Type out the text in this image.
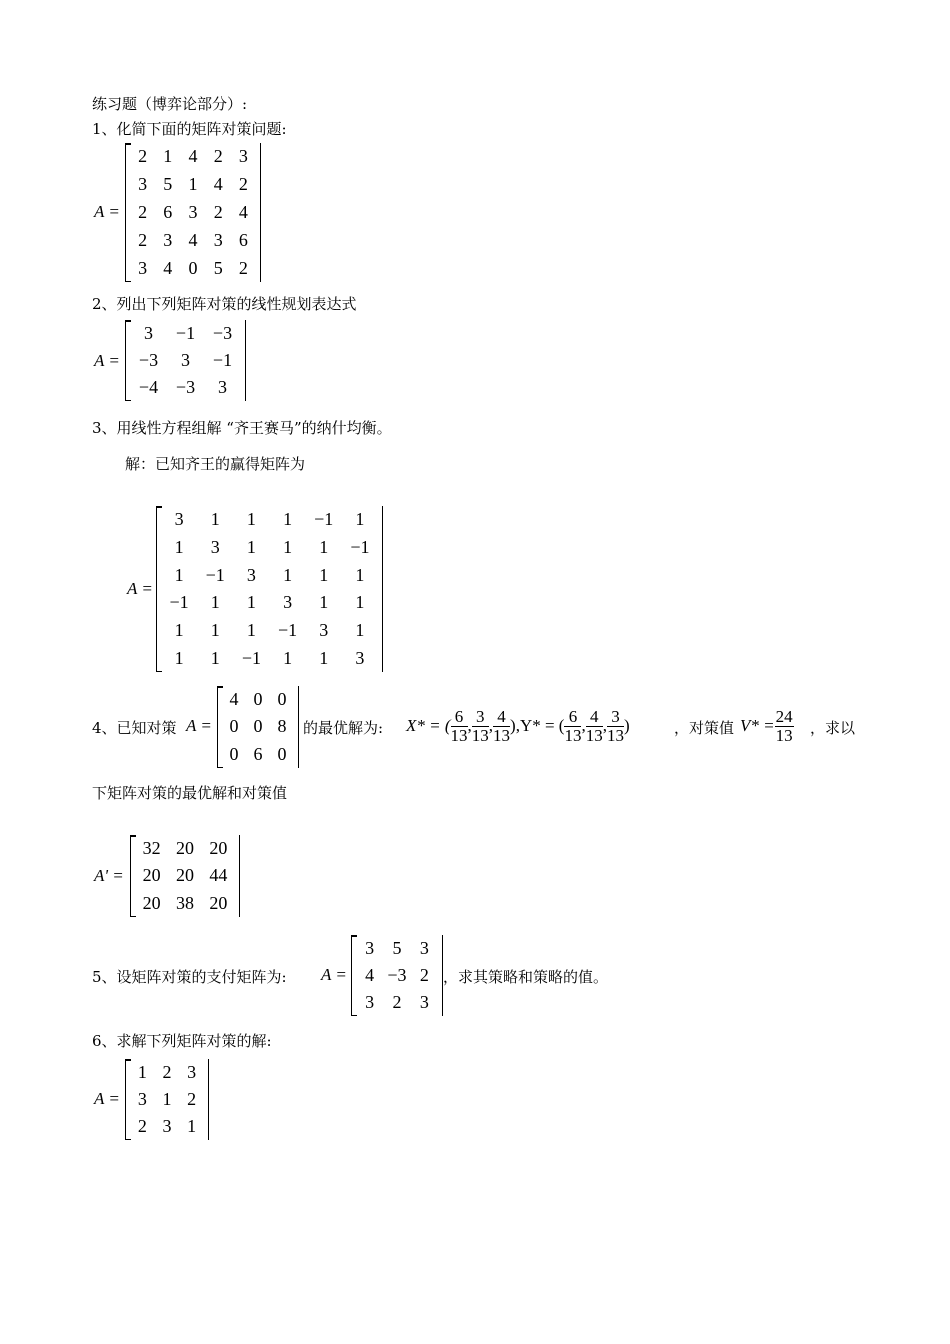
练习题（博弈论部分）:
1、化简下面的矩阵对策问题:
A =
2 1 4 2 3
3 5 1 4 2
2 6 3 2 4
2 3 4 3 6
3 4 0 5 2
2、列出下列矩阵对策的线性规划表达式
A =
3	−1 −3
−3	3	−1
−4 −3	3
3、用线性方程组解 “齐王赛马”的纳什均衡。
解：已知齐王的赢得矩阵为
A =
3	1	1	1	−1	1
1	3	1	1	1	−1
1	−1	3	1	1	1
−1	1	1	3	1	1
1	1	1	−1	3	1
1	1	−1	1	1	3
4、已知对策 A =
4 0 0
0 0 8
0 6 0
的最优解为: X* = ( $\frac{6}{13}$ , $\frac{3}{13}$ , $\frac{4}{13} ),Y*$ = ( $\frac{6}{13}$ , $\frac{4}{13}$ , $\frac{3}{13}$ )	，对策值 $V* = \frac{24}{13}$ ，求以
下矩阵对策的最优解和对策值
A' =
32 20 20
20 20 44
20 38 20
5、设矩阵对策的支付矩阵为: A =
3	5	3
4 −3 2
3	2	3
，求其策略和策略的值。
6、求解下列矩阵对策的解:
A =
1 2 3
3 1 2
2 3 1
